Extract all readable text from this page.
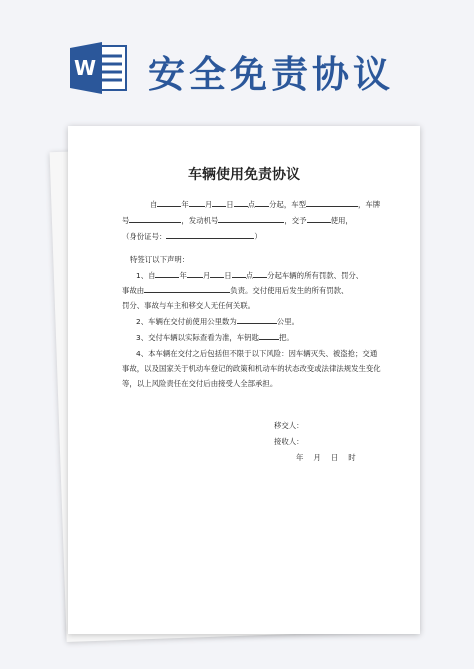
W 安全免责协议
车辆使用免责协议
自	年 月 日 点 分起，车型	，车牌
号	，发动机号	，交予	使用，
（身份证号：	）
特签订以下声明：
1、自	年 月 日 点 分起车辆的所有罚款、罚分、
事故由	负责。交付使用后发生的所有罚款、
罚分、事故与车主和移交人无任何关联。
2、车辆在交付前使用公里数为	公里。
3、交付车辆以实际查看为准，车钥匙	把。
4、本车辆在交付之后包括但不限于以下风险：因车辆灭失、被盗抢；交通
事故，以及国家关于机动车登记的政策和机动车的状态改变或法律法规发生变化
等，以上风险责任在交付后由接受人全部承担。
移交人：
接收人：
年 月 日 时
